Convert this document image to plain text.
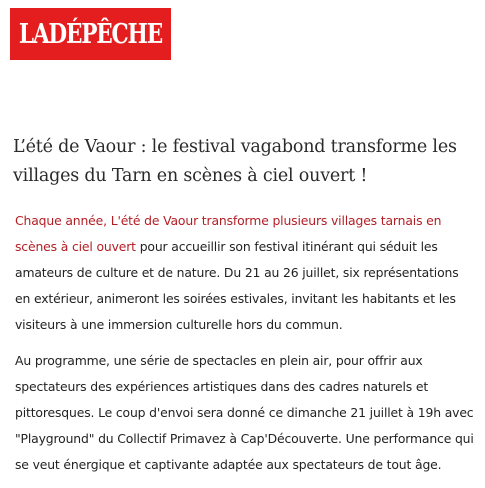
LADÉPÊCHE
L’été de Vaour : le festival vagabond transforme les villages du Tarn en scènes à ciel ouvert !

Chaque année, L'été de Vaour transforme plusieurs villages tarnais en scènes à ciel ouvert pour accueillir son festival itinérant qui séduit les amateurs de culture et de nature. Du 21 au 26 juillet, six représentations en extérieur, animeront les soirées estivales, invitant les habitants et les visiteurs à une immersion culturelle hors du commun.

Au programme, une série de spectacles en plein air, pour offrir aux spectateurs des expériences artistiques dans des cadres naturels et pittoresques. Le coup d'envoi sera donné ce dimanche 21 juillet à 19h avec "Playground" du Collectif Primavez à Cap'Découverte. Une performance qui se veut énergique et captivante adaptée aux spectateurs de tout âge.
